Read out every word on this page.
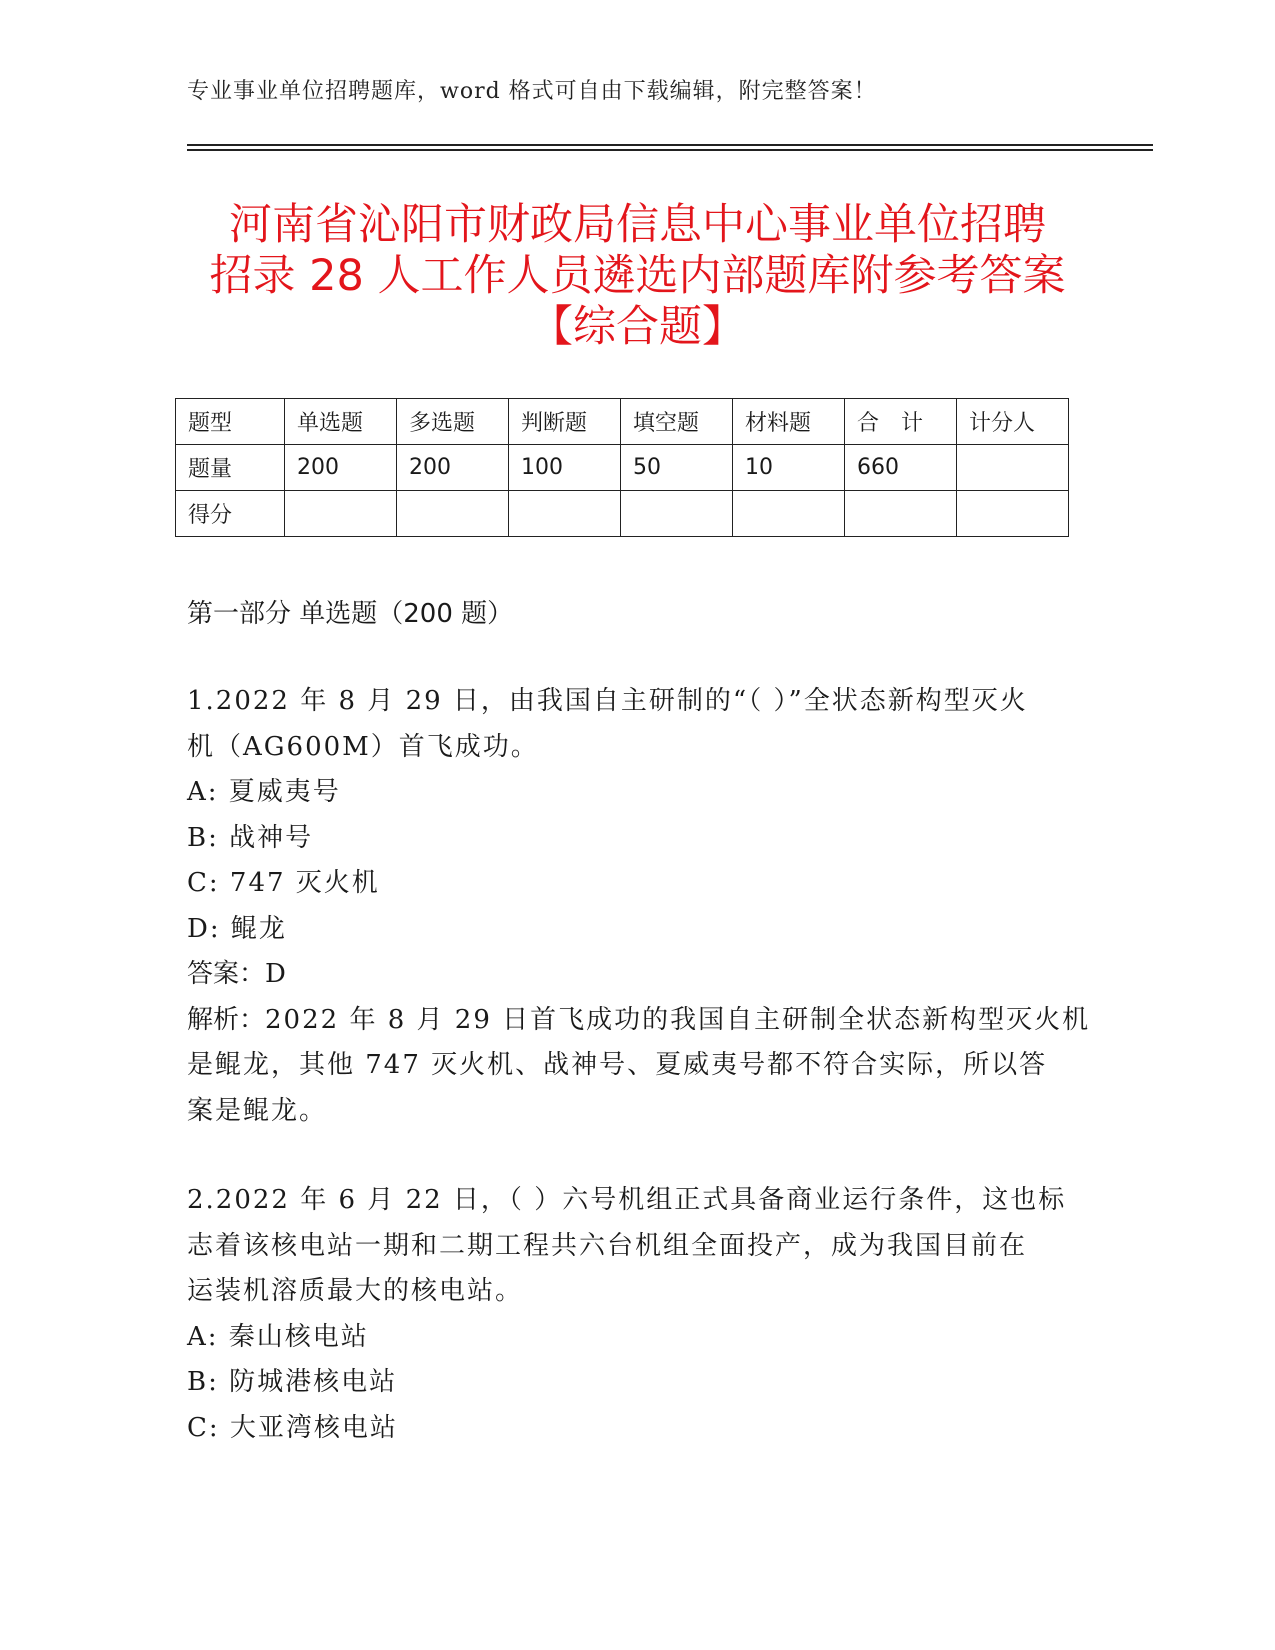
专业事业单位招聘题库，word 格式可自由下载编辑，附完整答案！
河南省沁阳市财政局信息中心事业单位招聘
招录 28 人工作人员遴选内部题库附参考答案
【综合题】
题型	单选题	多选题	判断题	填空题	材料题	合　计	计分人
题量	200	200	100	50	10	660	
得分							
第一部分 单选题（200 题）
1.2022 年 8 月 29 日，由我国自主研制的“（ ）”全状态新构型灭火
机（AG600M）首飞成功。
A: 夏威夷号
B: 战神号
C: 747 灭火机
D: 鲲龙
答案：D
解析：2022 年 8 月 29 日首飞成功的我国自主研制全状态新构型灭火机
是鲲龙，其他 747 灭火机、战神号、夏威夷号都不符合实际，所以答
案是鲲龙。
2.2022 年 6 月 22 日，（ ）六号机组正式具备商业运行条件，这也标
志着该核电站一期和二期工程共六台机组全面投产，成为我国目前在
运装机溶质最大的核电站。
A: 秦山核电站
B: 防城港核电站
C: 大亚湾核电站
